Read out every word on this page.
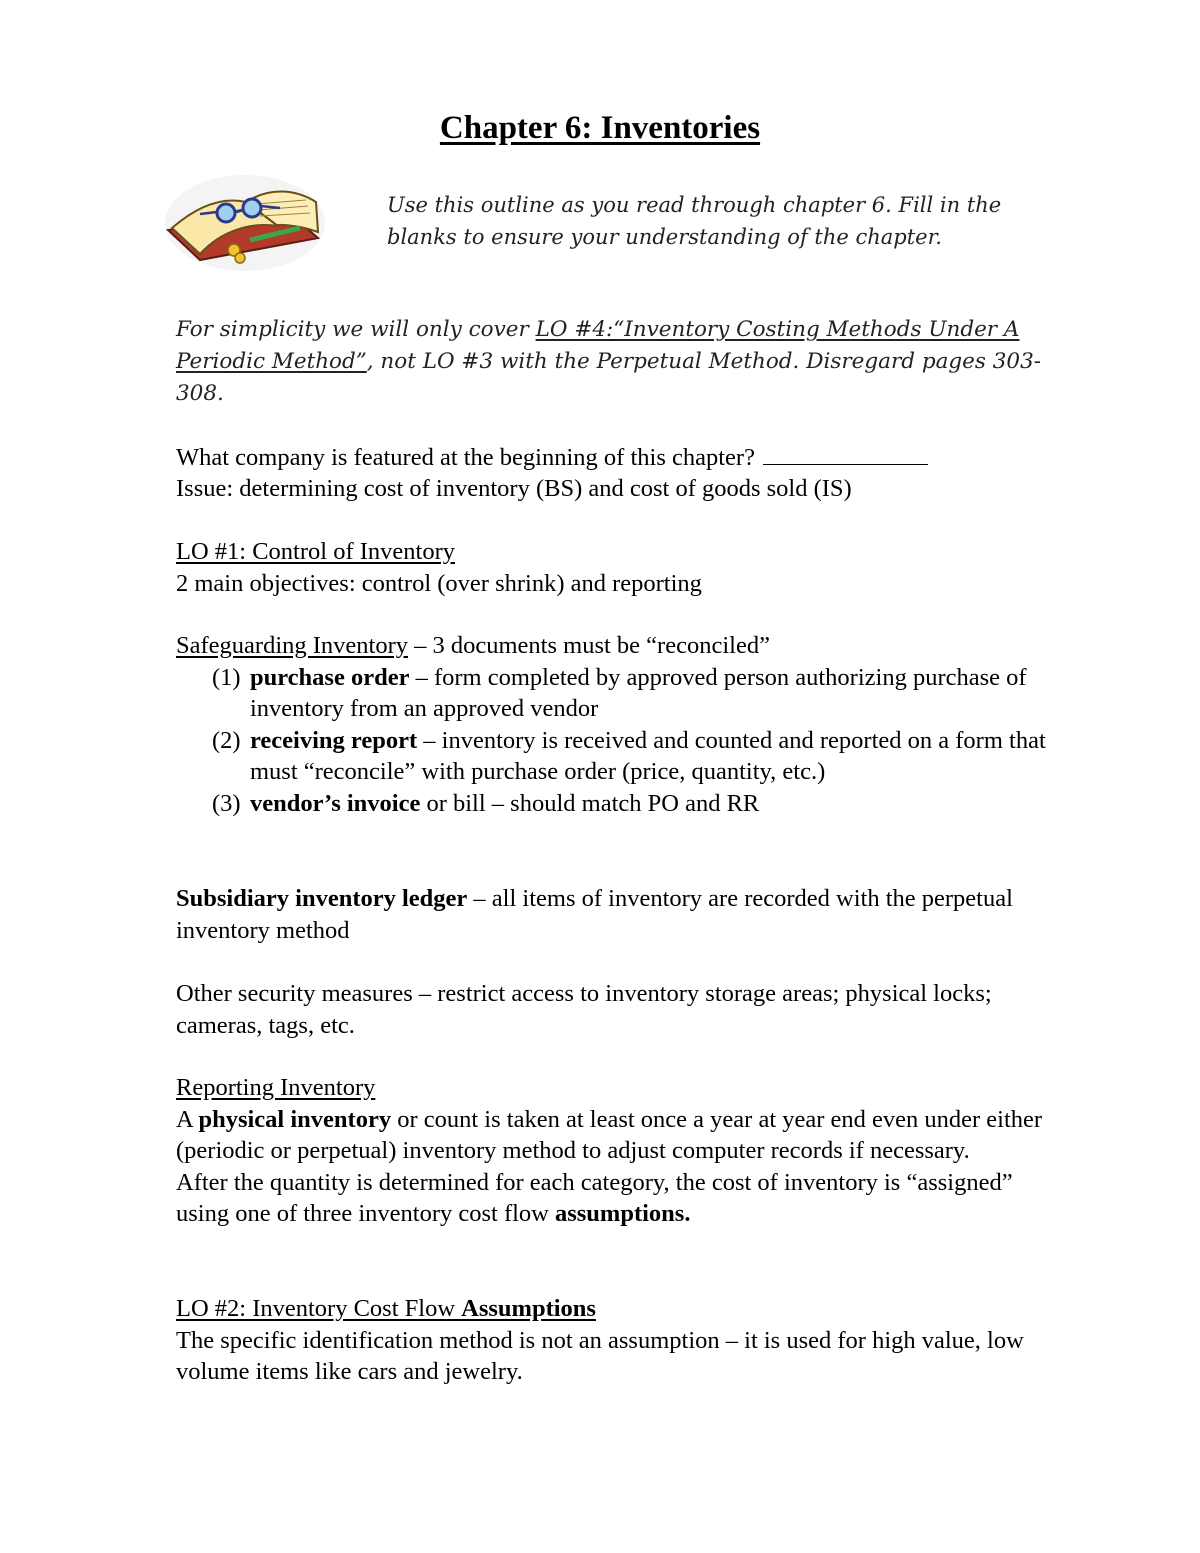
Chapter 6: Inventories
Use this outline as you read through chapter 6. Fill in the blanks to ensure your understanding of the chapter.
For simplicity we will only cover LO #4:“Inventory Costing Methods Under A Periodic Method”, not LO #3 with the Perpetual Method. Disregard pages 303-308.
What company is featured at the beginning of this chapter?
Issue: determining cost of inventory (BS) and cost of goods sold (IS)

LO #1: Control of Inventory

2 main objectives: control (over shrink) and reporting

Safeguarding Inventory – 3 documents must be “reconciled”

(1) purchase order – form completed by approved person authorizing purchase of inventory from an approved vendor
(2) receiving report – inventory is received and counted and reported on a form that must “reconcile” with purchase order (price, quantity, etc.)
(3) vendor’s invoice or bill – should match PO and RR
Subsidiary inventory ledger – all items of inventory are recorded with the perpetual inventory method
Other security measures – restrict access to inventory storage areas; physical locks; cameras, tags, etc.

Reporting Inventory

A physical inventory or count is taken at least once a year at year end even under either (periodic or perpetual) inventory method to adjust computer records if necessary.

After the quantity is determined for each category, the cost of inventory is “assigned” using one of three inventory cost flow assumptions.

LO #2: Inventory Cost Flow Assumptions

The specific identification method is not an assumption – it is used for high value, low volume items like cars and jewelry.
